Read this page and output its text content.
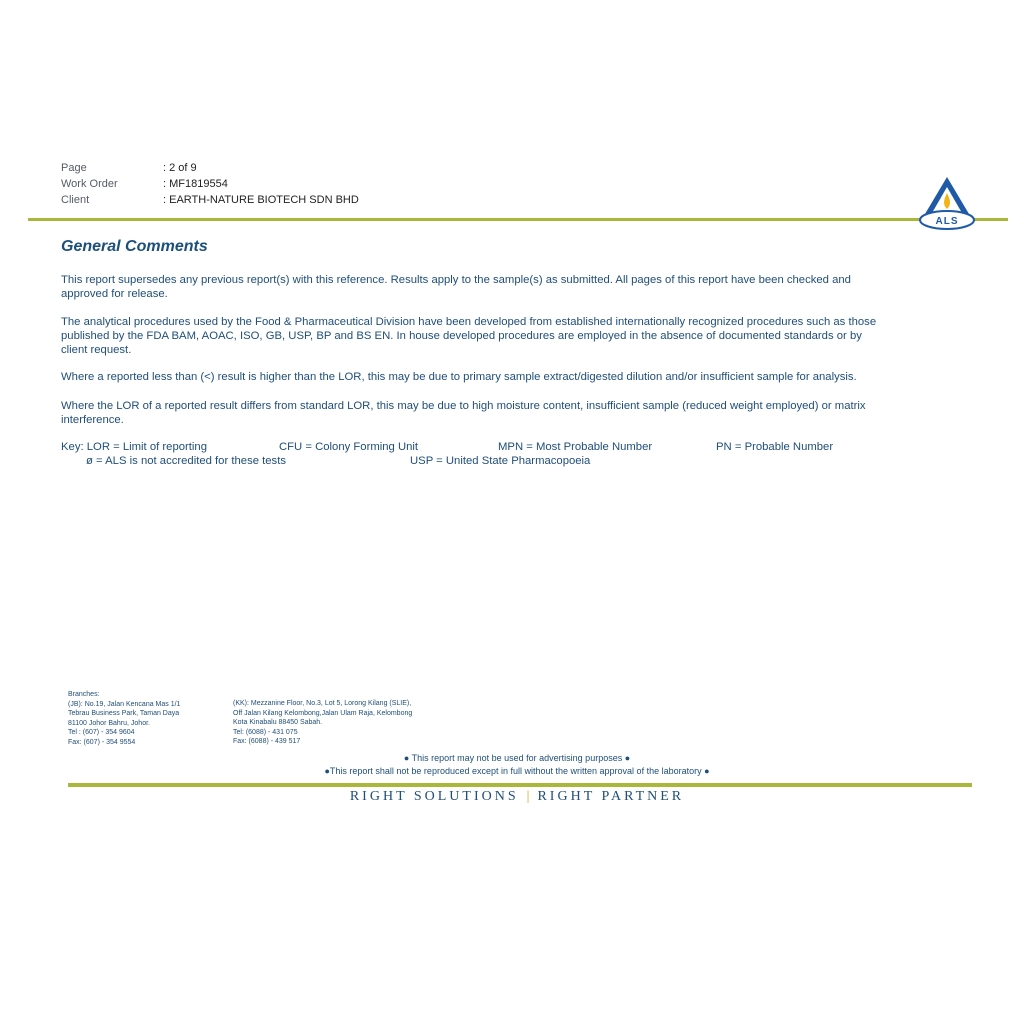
Page	:
2 of 9
Work Order	:
MF1819554
Client	:
EARTH-NATURE BIOTECH SDN BHD
ALS
General Comments
This report supersedes any previous report(s) with this reference. Results apply to the sample(s) as submitted. All pages of this report have been checked and
approved for release.
The analytical procedures used by the Food & Pharmaceutical Division have been developed from established internationally recognized procedures such as those
published by the FDA BAM, AOAC, ISO, GB, USP, BP and BS EN. In house developed procedures are employed in the absence of documented standards or by
client request.
Where a reported less than (<) result is higher than the LOR, this may be due to primary sample extract/digested dilution and/or insufficient sample for analysis.
Where the LOR of a reported result differs from standard LOR, this may be due to high moisture content, insufficient sample (reduced weight employed) or matrix
interference.
Key: LOR = Limit of reporting	CFU = Colony Forming Unit	MPN = Most Probable Number	PN = Probable Number
ø = ALS is not accredited for these tests	USP = United State Pharmacopoeia
Branches:
(JB): No.19, Jalan Kencana Mas 1/1
Tebrau Business Park, Taman Daya
81100 Johor Bahru, Johor.
Tel : (607) - 354 9604
Fax: (607) - 354 9554
(KK): Mezzanine Floor, No.3, Lot 5, Lorong Kilang (SLIE),
Off Jalan Kilang Kelombong,Jalan Ulam Raja, Kelombong
Kota Kinabalu 88450 Sabah.
Tel: (6088) - 431 075
Fax: (6088) - 439 517
● This report may not be used for advertising purposes ●
●This report shall not be reproduced except in full without the written approval of the laboratory ●
RIGHT SOLUTIONS | RIGHT PARTNER
